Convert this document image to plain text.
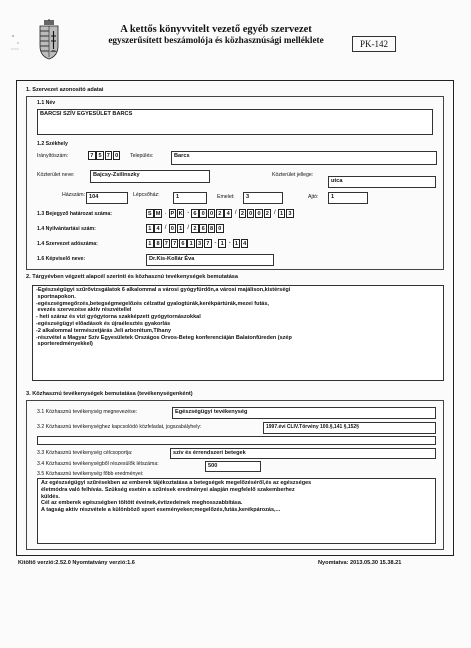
A kettős könyvvitelt vezető egyéb szervezet
egyszerűsített beszámolója és közhasznúsági melléklete	PK-142
1. Szervezet azonosító adatai
1.1 Név
BARCSI SZÍV EGYESÜLET BARCS
1.2 Székhely
Irányítószám:	7 5 7 0	Település:	Barcs
Közterület neve:	Bajcsy-Zsilinszky	Közterület jellege:
utca
Házszám: 104	Lépcsőház:	1	Emelet:	3	Ajtó:	1
1.3 Bejegyző határozat száma:	S M . P K - 6 0 0 2 4 / 2 0 0 2 / 1 3
1.4 Nyilvántartási szám:	1 4 / 0 1 / 2 6 8 0
1.4 Szervezet adószáma:	1 8 7 7 6 1 3 7 - 1 - 1 4
1.6 Képviselő neve:	Dr.Kis-Kollár Éva
2. Tárgyévben végzett alapcél szerinti és közhasznú tevékenységek bemutatása
-Egészségügyi szűrővizsgálatok 6 alkalommal a városi gyógyfürdőn,a városi majálison,kistérségi
sportnapokon.
-egészségmegőrzés,betegségmegelőzés célzattal gyalogtúrák,kerékpártúrák,mezei futás,
evezés szervezése aktív részvétellel
- heti száraz és vizi gyógytorna szakképzett gyógytornászokkal
-egészségügyi előadások és újraélesztés gyakorlás
-2 alkalommal természetjárás Jeli arborétum,Tihany
-részvétel a Magyar Szív Egyesületek Országos Orvos-Beteg konferenciáján Balatonfüreden (szép
sporteredményekkel)
3. Közhasznú tevékenységek bemutatása (tevékenységenként)
3.1 Közhasznú tevékenység megnevezése:	Egészségügyi tevékenység
3.2 Közhasznú tevékenységhez kapcsolódó közfeladat, jogszabályhely:	1997.évi CLIV.Törvény 100.§,141 §,152§
3.3 Közhasznú tevékenység célcsoportja:	szív és érrendszeri betegek
3.4 Közhasznú tevékenységből részesülők létszáma:	500
3.5 Közhasznú tevékenység főbb eredményei:
Az egészségügyi szűrésekben az emberek tájékoztatása a betegségek megelőzéséről,és az egészséges
életmódra való felhívás. Szükség esetén a szűrések eredményei alapján megfelelő szakemberhez
küldés.
Cél az emberek egészségben töltött éveinek,évtizedeinek meghosszabbítása.
A tagság aktív részvétele a különböző sport eseményeken;megelőzés,futás,kerékpározás,...
Kitöltő verzió:2.52.0 Nyomtatvány verzió:1.6	Nyomtatva: 2013.05.30 15.38.21
